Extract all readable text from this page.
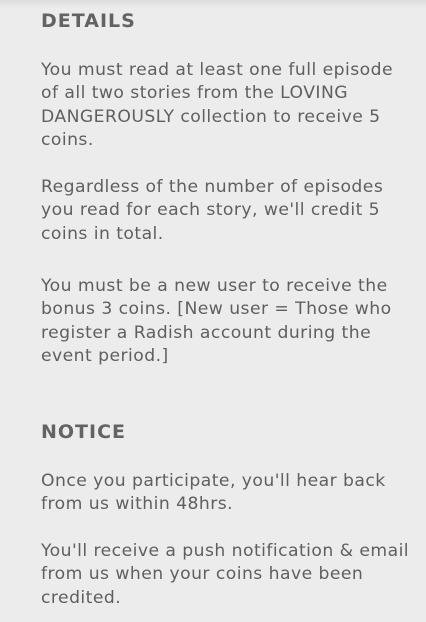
DETAILS

You must read at least one full episode of all two stories from the LOVING DANGEROUSLY collection to receive 5 coins.

Regardless of the number of episodes you read for each story, we'll credit 5 coins in total.

You must be a new user to receive the bonus 3 coins. [New user = Those who register a Radish account during the event period.]

NOTICE

Once you participate, you'll hear back from us within 48hrs.

You'll receive a push notification & email from us when your coins have been credited.
